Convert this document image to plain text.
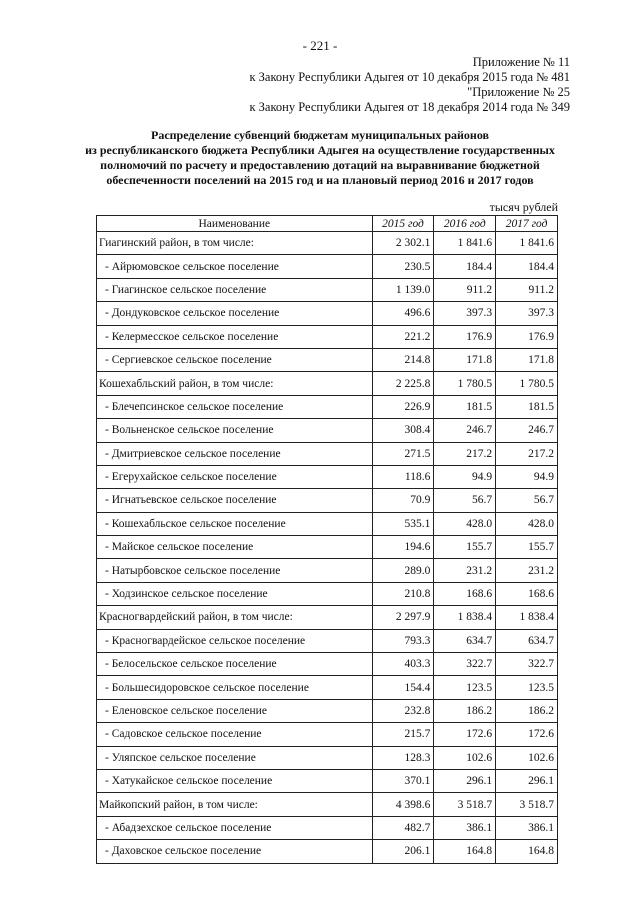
- 221 -
Приложение № 11
к Закону Республики Адыгея от 10 декабря 2015 года № 481
"Приложение № 25
к Закону Республики Адыгея от 18 декабря 2014 года № 349
Распределение субвенций бюджетам муниципальных районов
из республиканского бюджета Республики Адыгея на осуществление государственных
полномочий по расчету и предоставлению дотаций на выравнивание бюджетной
обеспеченности поселений на 2015 год и на плановый период 2016 и 2017 годов
тысяч рублей
Наименование	2015 год	2016 год	2017 год
Гиагинский район, в том числе:	2 302.1	1 841.6	1 841.6
- Айрюмовское сельское поселение	230.5	184.4	184.4
- Гиагинское сельское поселение	1 139.0	911.2	911.2
- Дондуковское сельское поселение	496.6	397.3	397.3
- Келермесское сельское поселение	221.2	176.9	176.9
- Сергиевское сельское поселение	214.8	171.8	171.8
Кошехабльский район, в том числе:	2 225.8	1 780.5	1 780.5
- Блечепсинское сельское поселение	226.9	181.5	181.5
- Вольненское сельское поселение	308.4	246.7	246.7
- Дмитриевское сельское поселение	271.5	217.2	217.2
- Егерухайское сельское поселение	118.6	94.9	94.9
- Игнатьевское сельское поселение	70.9	56.7	56.7
- Кошехабльское сельское поселение	535.1	428.0	428.0
- Майское сельское поселение	194.6	155.7	155.7
- Натырбовское сельское поселение	289.0	231.2	231.2
- Ходзинское сельское поселение	210.8	168.6	168.6
Красногвардейский район, в том числе:	2 297.9	1 838.4	1 838.4
- Красногвардейское сельское поселение	793.3	634.7	634.7
- Белосельское сельское поселение	403.3	322.7	322.7
- Большесидоровское сельское поселение	154.4	123.5	123.5
- Еленовское сельское поселение	232.8	186.2	186.2
- Садовское сельское поселение	215.7	172.6	172.6
- Уляпское сельское поселение	128.3	102.6	102.6
- Хатукайское сельское поселение	370.1	296.1	296.1
Майкопский район, в том числе:	4 398.6	3 518.7	3 518.7
- Абадзехское сельское поселение	482.7	386.1	386.1
- Даховское сельское поселение	206.1	164.8	164.8
